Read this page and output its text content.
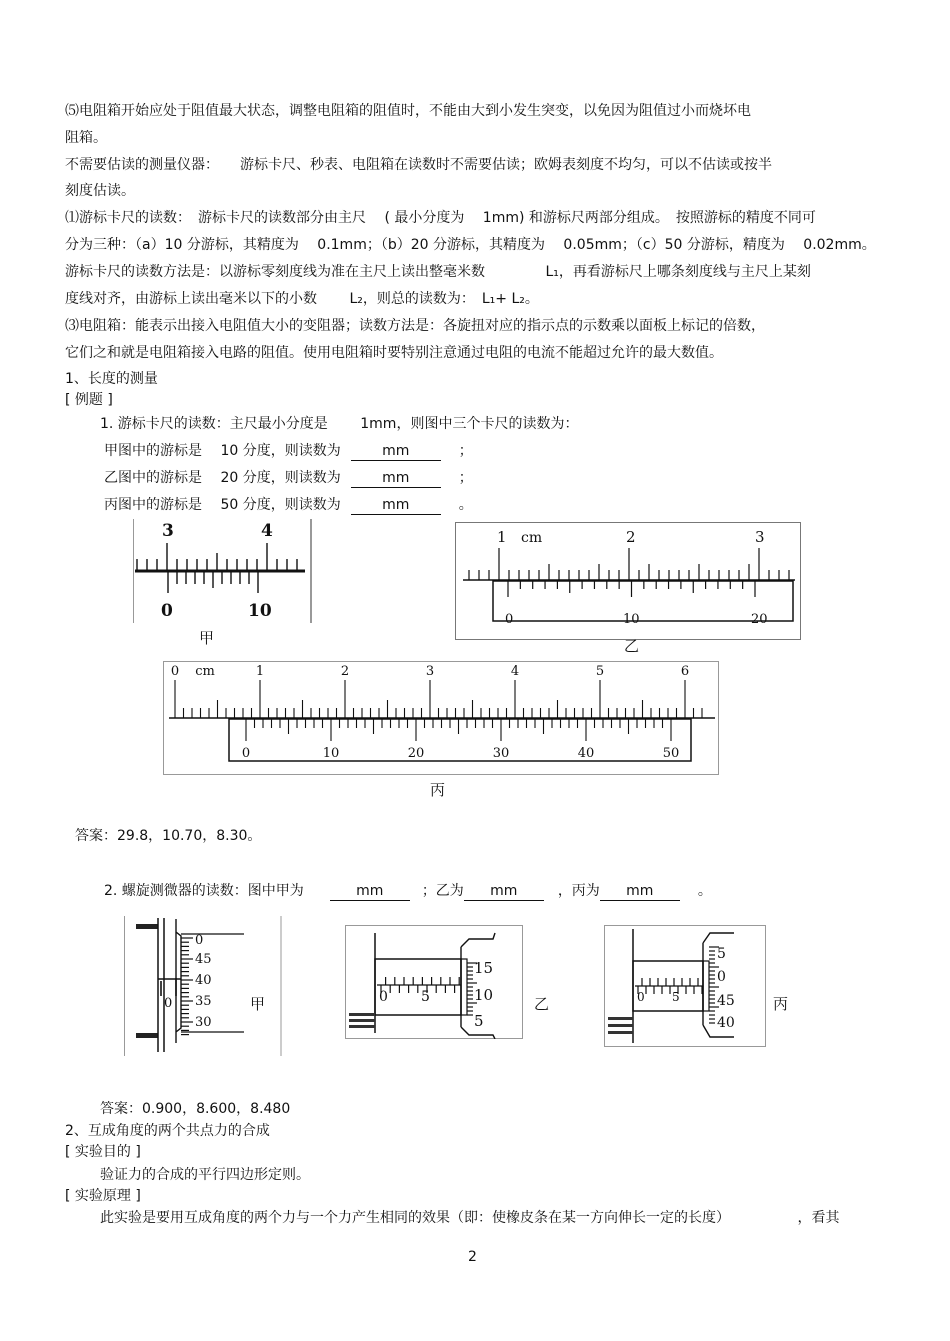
⑸电阻箱开始应处于阻值最大状态，调整电阻箱的阻值时，不能由大到小发生突变，以免因为阻值过小而烧坏电
阻箱。
不需要估读的测量仪器：　　游标卡尺、秒表、电阻箱在读数时不需要估读；欧姆表刻度不均匀，可以不估读或按半
刻度估读。
⑴游标卡尺的读数：　游标卡尺的读数部分由主尺　 ( 最小分度为　 1mm) 和游标尺两部分组成。　按照游标的精度不同可
分为三种：（a）10 分游标，其精度为　 0.1mm；（b）20 分游标，其精度为　 0.05mm；（c）50 分游标，精度为　 0.02mm。
游标卡尺的读数方法是：以游标零刻度线为准在主尺上读出整毫米数　　　　 L₁，再看游标尺上哪条刻度线与主尺上某刻
度线对齐，由游标上读出毫米以下的小数　　 L₂，则总的读数为：　L₁+ L₂。
⑶电阻箱：能表示出接入电阻值大小的变阻器；读数方法是：各旋扭对应的指示点的示数乘以面板上标记的倍数，
它们之和就是电阻箱接入电路的阻值。使用电阻箱时要特别注意通过电阻的电流不能超过允许的最大数值。
1、长度的测量
[ 例题 ]
1. 游标卡尺的读数：主尺最小分度是　　 1mm，则图中三个卡尺的读数为：
甲图中的游标是　 10 分度，则读数为	mm	；
乙图中的游标是　 20 分度，则读数为	mm	；
丙图中的游标是　 50 分度，则读数为	mm	。
3	4
0	10
甲
1 cm	2	3
0	10	20
乙
0 cm	1	2	3	4	5	6
0	10	20	30	40	50
丙
答案：29.8，10.70，8.30。
2. 螺旋测微器的读数：图中甲为	mm	；乙为 mm	，丙为 mm	。
0
0
45
40
35
30
甲	0 5
15
10
5
乙	0 5
5
0
45
40
丙
答案：0.900，8.600，8.480
2、互成角度的两个共点力的合成
[ 实验目的 ]
验证力的合成的平行四边形定则。
[ 实验原理 ]
此实验是要用互成角度的两个力与一个力产生相同的效果（即：使橡皮条在某一方向伸长一定的长度）　　　　　 ，看其
2
